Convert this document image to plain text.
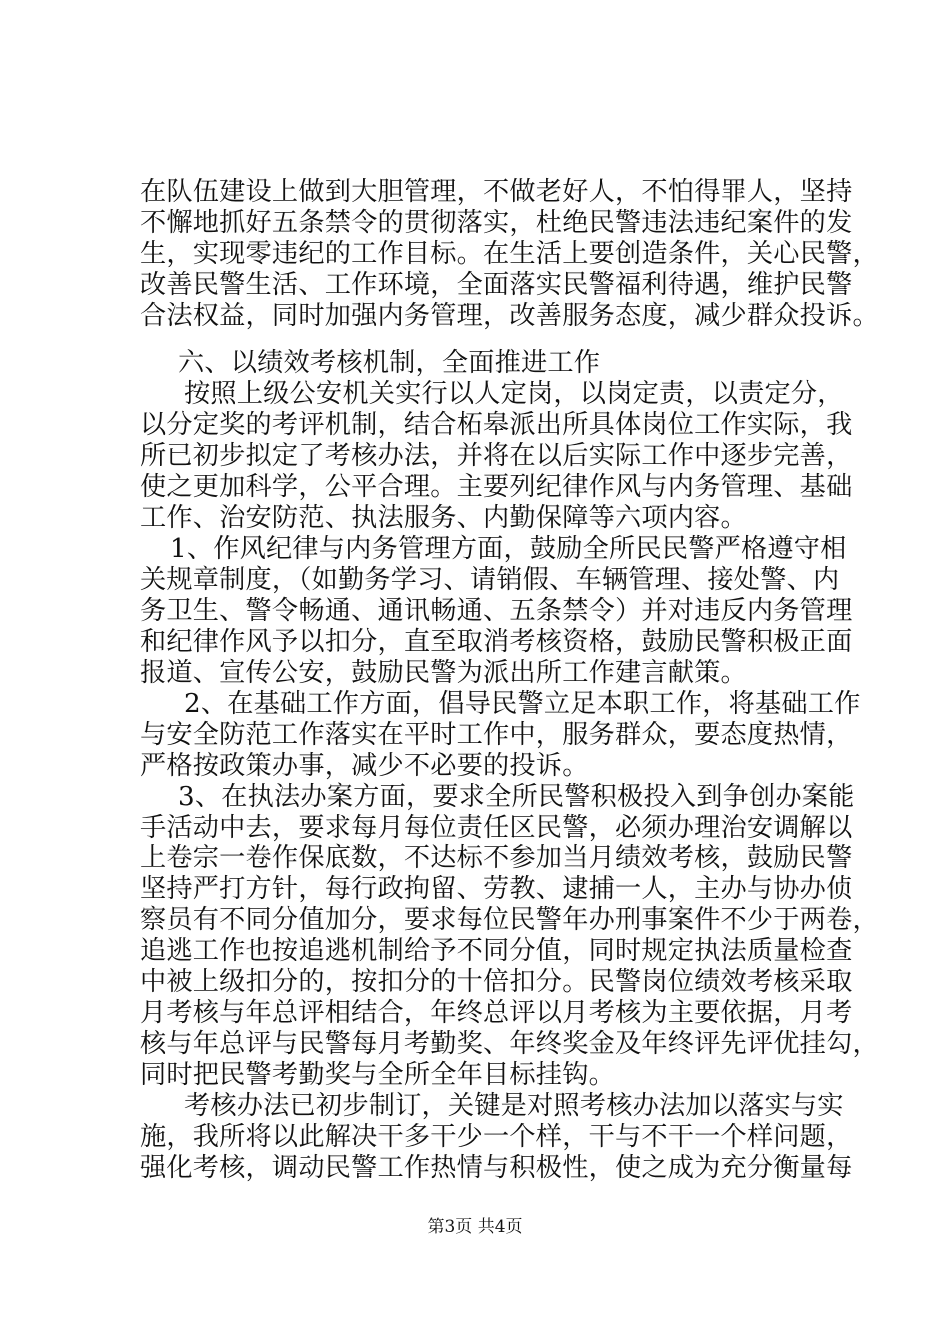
在队伍建设上做到大胆管理，不做老好人，不怕得罪人，坚持
不懈地抓好五条禁令的贯彻落实，杜绝民警违法违纪案件的发
生，实现零违纪的工作目标。在生活上要创造条件，关心民警，
改善民警生活、工作环境，全面落实民警福利待遇，维护民警
合法权益，同时加强内务管理，改善服务态度，减少群众投诉。
六、以绩效考核机制，全面推进工作
按照上级公安机关实行以人定岗，以岗定责，以责定分，
以分定奖的考评机制，结合柘皋派出所具体岗位工作实际，我
所已初步拟定了考核办法，并将在以后实际工作中逐步完善，
使之更加科学，公平合理。主要列纪律作风与内务管理、基础
工作、治安防范、执法服务、内勤保障等六项内容。
1、作风纪律与内务管理方面，鼓励全所民民警严格遵守相
关规章制度，（如勤务学习、请销假、车辆管理、接处警、内
务卫生、警令畅通、通讯畅通、五条禁令）并对违反内务管理
和纪律作风予以扣分，直至取消考核资格，鼓励民警积极正面
报道、宣传公安，鼓励民警为派出所工作建言献策。
2、在基础工作方面，倡导民警立足本职工作，将基础工作
与安全防范工作落实在平时工作中，服务群众，要态度热情，
严格按政策办事，减少不必要的投诉。
3、在执法办案方面，要求全所民警积极投入到争创办案能
手活动中去，要求每月每位责任区民警，必须办理治安调解以
上卷宗一卷作保底数，不达标不参加当月绩效考核，鼓励民警
坚持严打方针，每行政拘留、劳教、逮捕一人，主办与协办侦
察员有不同分值加分，要求每位民警年办刑事案件不少于两卷，
追逃工作也按追逃机制给予不同分值，同时规定执法质量检查
中被上级扣分的，按扣分的十倍扣分。民警岗位绩效考核采取
月考核与年总评相结合，年终总评以月考核为主要依据，月考
核与年总评与民警每月考勤奖、年终奖金及年终评先评优挂勾，
同时把民警考勤奖与全所全年目标挂钩。
考核办法已初步制订，关键是对照考核办法加以落实与实
施，我所将以此解决干多干少一个样，干与不干一个样问题，
强化考核，调动民警工作热情与积极性，使之成为充分衡量每
第3页 共4页
